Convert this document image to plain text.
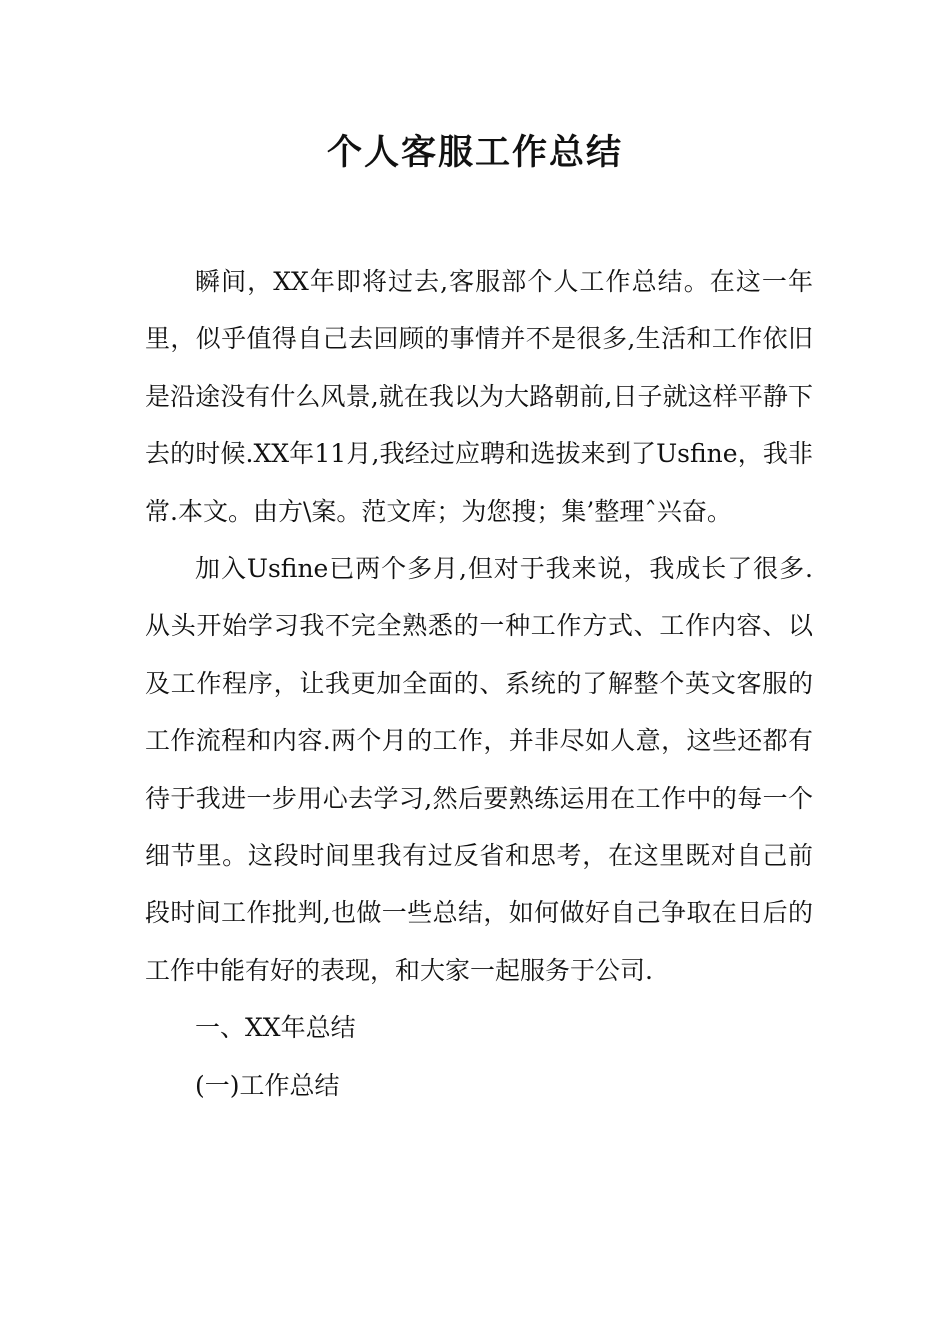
个人客服工作总结

瞬间，XX年即将过去,客服部个人工作总结。在这一年里，似乎值得自己去回顾的事情并不是很多,生活和工作依旧是沿途没有什么风景,就在我以为大路朝前,日子就这样平静下去的时候.XX年11月,我经过应聘和选拔来到了Usfine，我非常.本文。由方\案。范文库；为您搜；集’整理ˆ兴奋。

加入Usfine已两个多月,但对于我来说，我成长了很多.从头开始学习我不完全熟悉的一种工作方式、工作内容、以及工作程序，让我更加全面的、系统的了解整个英文客服的工作流程和内容.两个月的工作，并非尽如人意，这些还都有待于我进一步用心去学习,然后要熟练运用在工作中的每一个细节里。这段时间里我有过反省和思考，在这里既对自己前段时间工作批判,也做一些总结，如何做好自己争取在日后的工作中能有好的表现，和大家一起服务于公司.

一、XX年总结

(一)工作总结
